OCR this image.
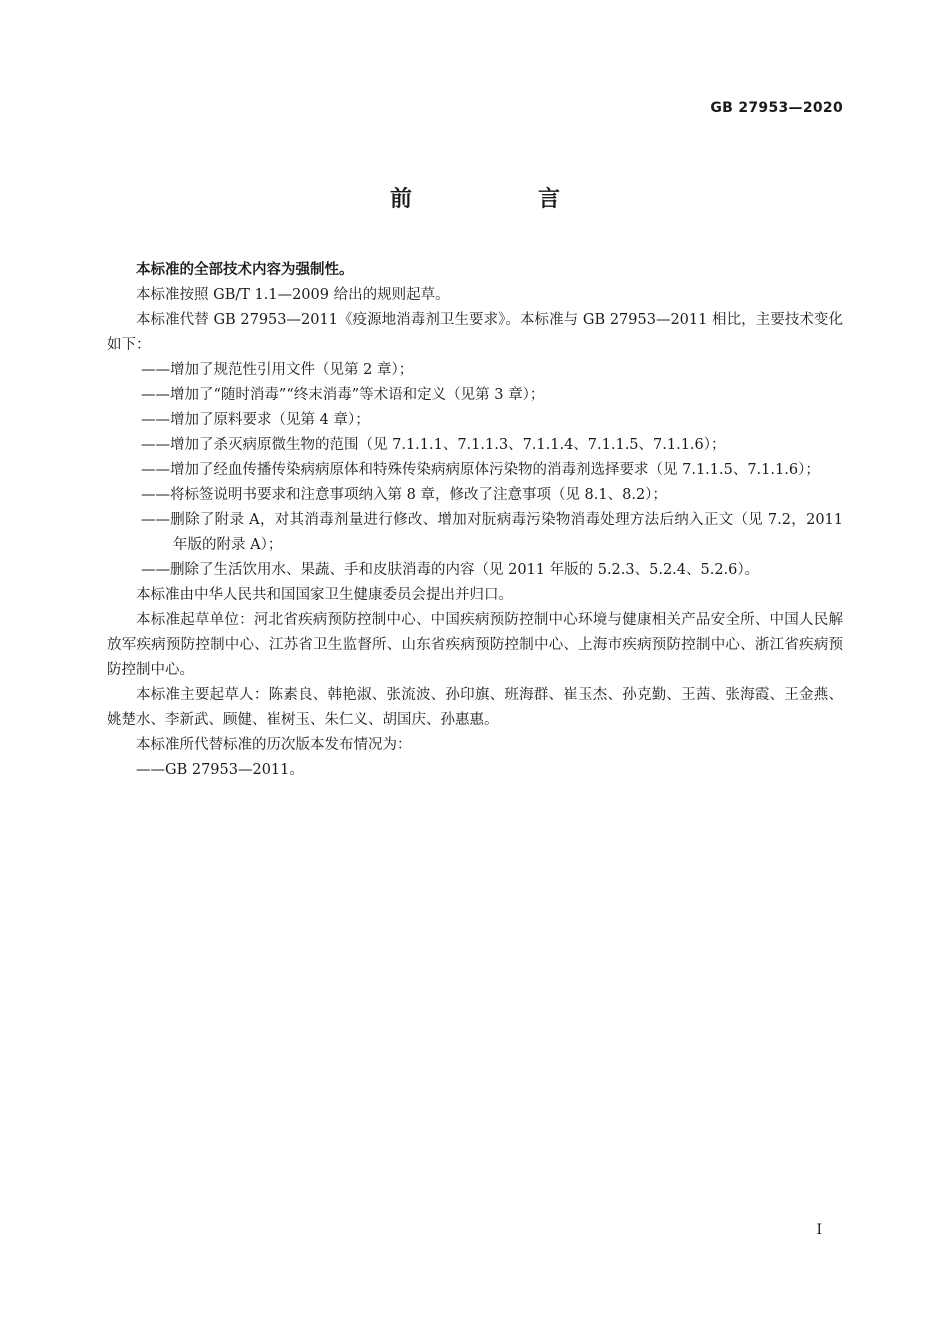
GB 27953—2020
前　言

本标准的全部技术内容为强制性。

本标准按照 GB/T 1.1—2009 给出的规则起草。

本标准代替 GB 27953—2011《疫源地消毒剂卫生要求》。本标准与 GB 27953—2011 相比，主要技术变化如下：

——增加了规范性引用文件（见第 2 章）；

——增加了“随时消毒”“终末消毒”等术语和定义（见第 3 章）；

——增加了原料要求（见第 4 章）；

——增加了杀灭病原微生物的范围（见 7.1.1.1、7.1.1.3、7.1.1.4、7.1.1.5、7.1.1.6）；

——增加了经血传播传染病病原体和特殊传染病病原体污染物的消毒剂选择要求（见 7.1.1.5、7.1.1.6）；

——将标签说明书要求和注意事项纳入第 8 章，修改了注意事项（见 8.1、8.2）；

——删除了附录 A，对其消毒剂量进行修改、增加对朊病毒污染物消毒处理方法后纳入正文（见 7.2，2011 年版的附录 A）；

——删除了生活饮用水、果蔬、手和皮肤消毒的内容（见 2011 年版的 5.2.3、5.2.4、5.2.6）。

本标准由中华人民共和国国家卫生健康委员会提出并归口。

本标准起草单位：河北省疾病预防控制中心、中国疾病预防控制中心环境与健康相关产品安全所、中国人民解放军疾病预防控制中心、江苏省卫生监督所、山东省疾病预防控制中心、上海市疾病预防控制中心、浙江省疾病预防控制中心。

本标准主要起草人：陈素良、韩艳淑、张流波、孙印旗、班海群、崔玉杰、孙克勤、王茜、张海霞、王金燕、姚楚水、李新武、顾健、崔树玉、朱仁义、胡国庆、孙惠惠。

本标准所代替标准的历次版本发布情况为：

——GB 27953—2011。

I
